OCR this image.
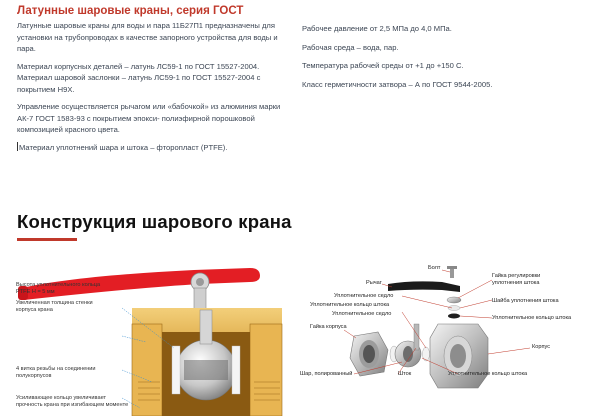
Латунные шаровые краны, серия ГОСТ

Латунные шаровые краны для воды и пара 11Б27П1 предназначены для установки на трубопроводах в качестве запорного устройства для воды и пара.

Материал корпусных деталей – латунь ЛС59-1 по ГОСТ 15527-2004. Материал шаровой заслонки – латунь ЛС59-1 по ГОСТ 15527-2004 с покрытием Н9Х.

Управление осуществляется рычагом или «бабочкой» из алюминия марки АК-7 ГОСТ 1583-93 с покрытием эпокси- полиэфирной порошковой композицией красного цвета.

Материал уплотнений шара и штока – фторопласт (PTFE).

Рабочее давление от 2,5 МПа до 4,0 МПа.

Рабочая среда – вода, пар.

Температура рабочей среды от +1 до +150 С.

Класс герметичности затвора – А по ГОСТ 9544-2005.

Конструкция шарового крана
Высота уплотнительного кольца
PTFE H = 5 мм
Увеличенная толщина стенки
корпуса крана
4 витка резьбы на соединении
полукорпусов
Усиливающее кольцо увеличивает
прочность крана при изгибающем моменте
Болт
Рычаг
Гайка регулировки уплотнения штока
Уплотнительное седло
Уплотнительное кольцо штока
Шайба уплотнения штока
Уплотнительное седло
Уплотнительное кольцо штока
Гайка корпуса
Корпус
Шар, полированный	Шток	Уплотнительное кольцо штока
